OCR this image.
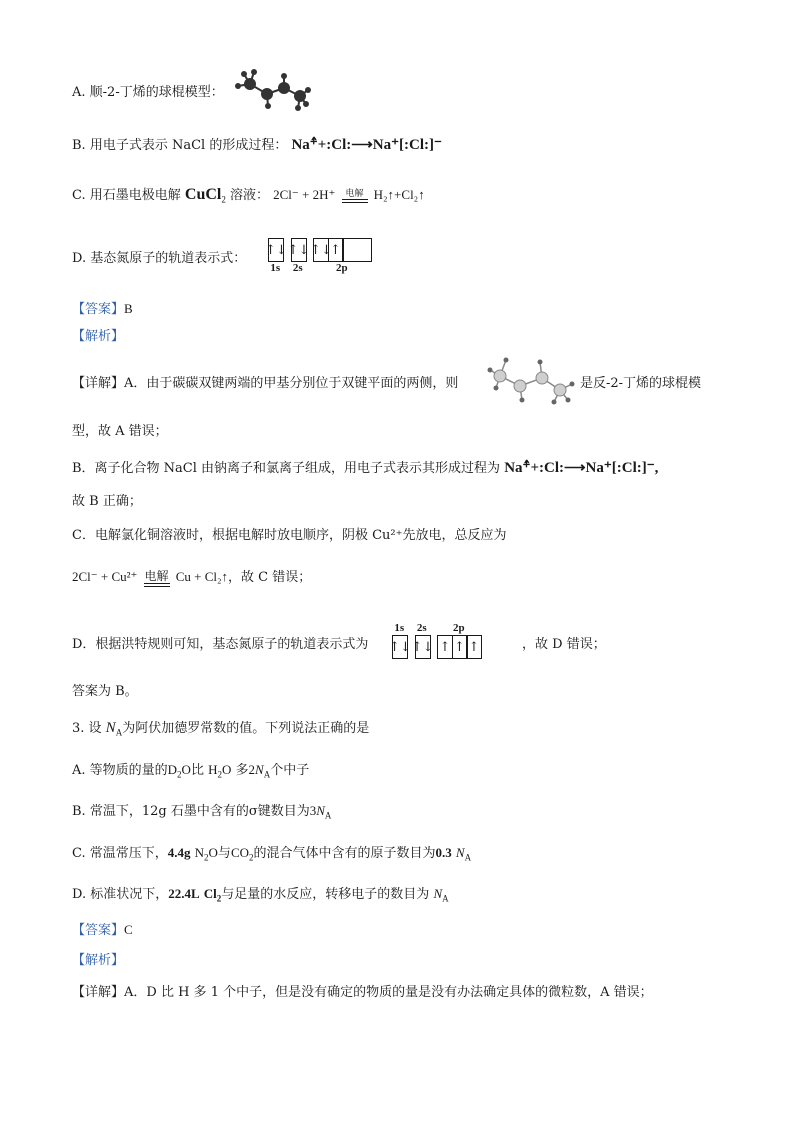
A. 顺-2-丁烯的球棍模型：
B. 用电子式表示 NaCl 的形成过程： Na⁺̂+:Cl:⟶Na⁺[:Cl:]⁻
C. 用石墨电极电解 CuCl$_2$ 溶液： 2Cl⁻ + 2H⁺ 电解 H₂↑+Cl₂↑
D. 基态氮原子的轨道表示式：
↑↓
1s
↑↓
2s
↑↓
↑
2p
【答案】B
【解析】
【详解】A．由于碳碳双键两端的甲基分别位于双键平面的两侧，则	是反-2-丁烯的球棍模
型，故 A 错误；
B．离子化合物 NaCl 由钠离子和氯离子组成，用电子式表示其形成过程为 Na⁺̂+:Cl:⟶Na⁺[:Cl:]⁻,
故 B 正确；
C．电解氯化铜溶液时，根据电解时放电顺序，阴极 Cu²⁺先放电，总反应为
2Cl⁻ + Cu²⁺ 电解 Cu + Cl₂↑，故 C 错误；
D．根据洪特规则可知，基态氮原子的轨道表示式为 ↑↓
1s
↑↓
2s
↑ ↑ ↑
2p
，故 D 错误；
答案为 B。
3. 设 $N_A$为阿伏加德罗常数的值。下列说法正确的是
A. 等物质的量的$D_2O$比 $H_2O$ 多$2N_A$个中子
B. 常温下，12g 石墨中含有的σ键数目为$3N_A$
C. 常温常压下，4.4g $N_2O$与$CO_2$的混合气体中含有的原子数目为0.3 $N_A$
D. 标准状况下，22.4L $Cl_2$与足量的水反应，转移电子的数目为 $N_A$
【答案】C
【解析】
【详解】A．D 比 H 多 1 个中子，但是没有确定的物质的量是没有办法确定具体的微粒数，A 错误；
